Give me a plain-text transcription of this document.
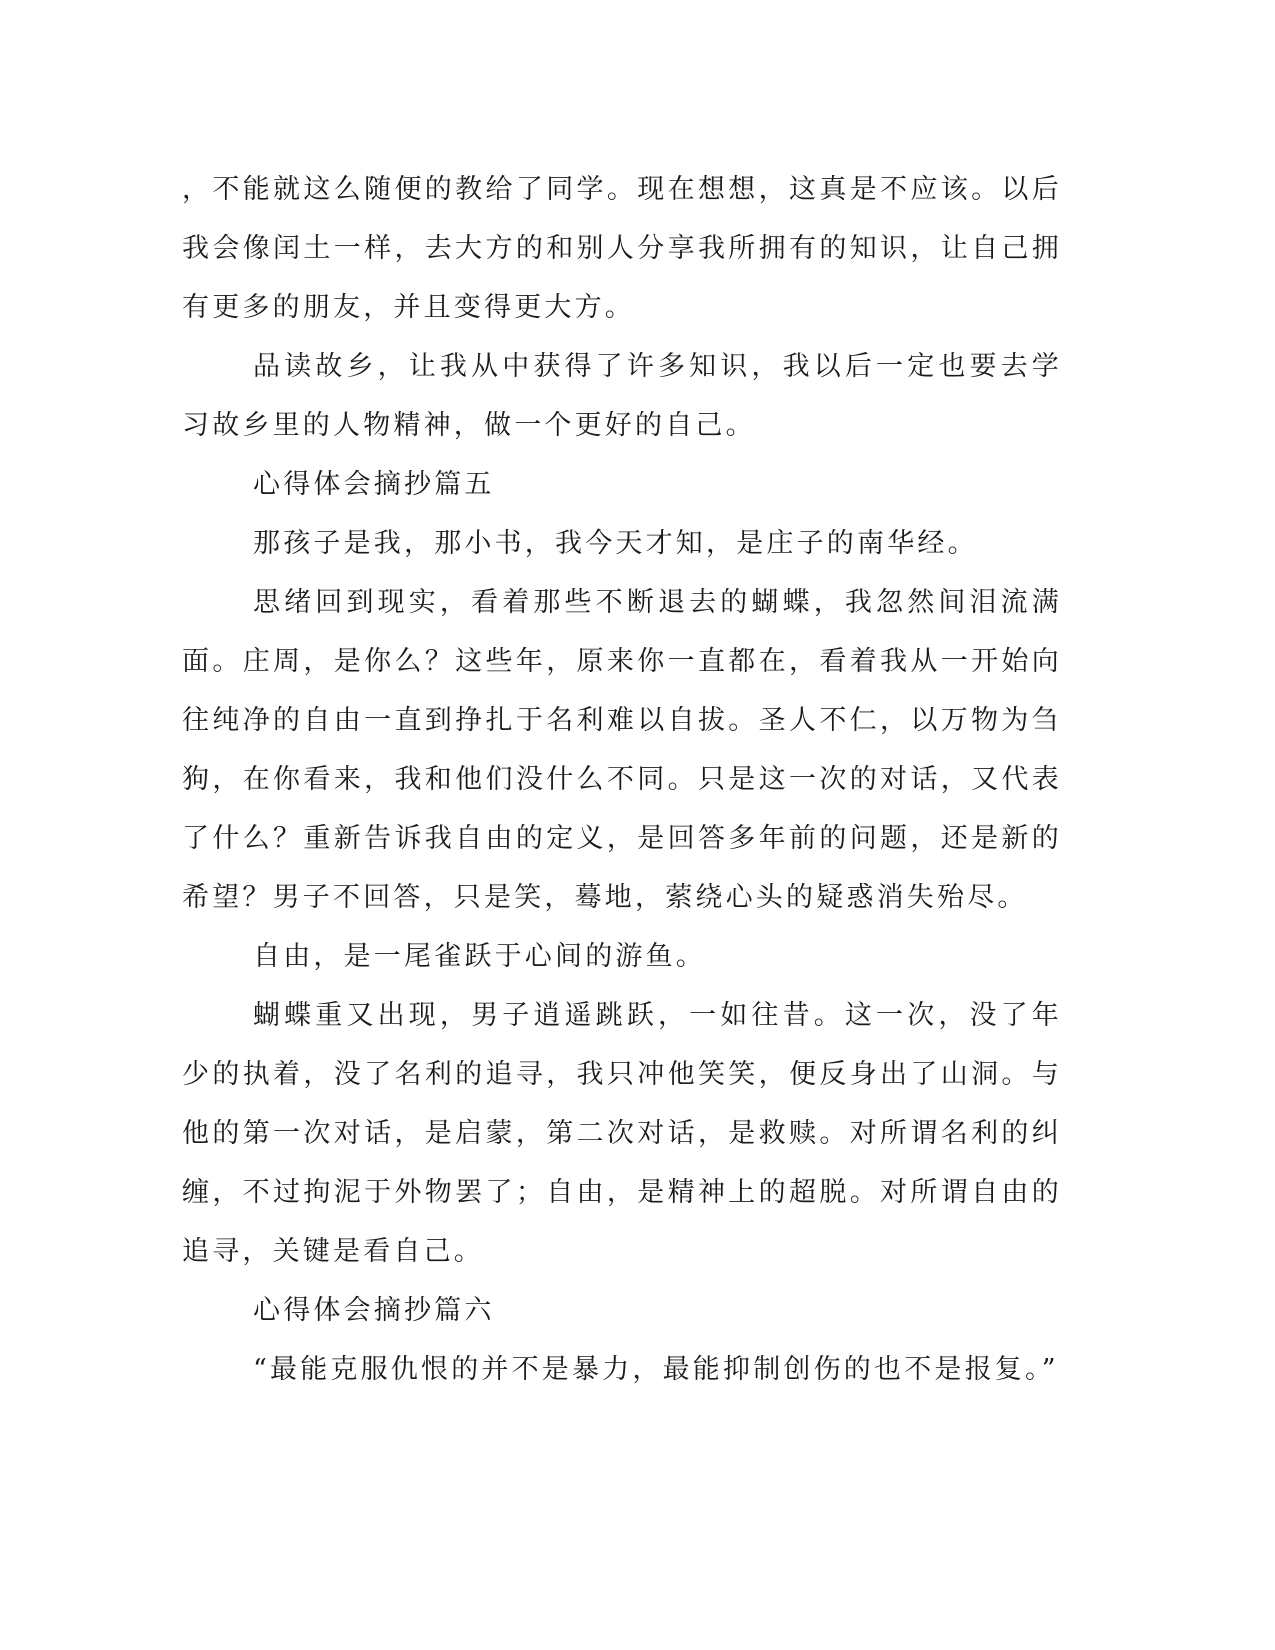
，不能就这么随便的教给了同学。现在想想，这真是不应该。以后我会像闰土一样，去大方的和别人分享我所拥有的知识，让自己拥有更多的朋友，并且变得更大方。

品读故乡，让我从中获得了许多知识，我以后一定也要去学习故乡里的人物精神，做一个更好的自己。

心得体会摘抄篇五

那孩子是我，那小书，我今天才知，是庄子的南华经。

思绪回到现实，看着那些不断退去的蝴蝶，我忽然间泪流满面。庄周，是你么？这些年，原来你一直都在，看着我从一开始向往纯净的自由一直到挣扎于名利难以自拔。圣人不仁，以万物为刍狗，在你看来，我和他们没什么不同。只是这一次的对话，又代表了什么？重新告诉我自由的定义，是回答多年前的问题，还是新的希望？男子不回答，只是笑，蓦地，萦绕心头的疑惑消失殆尽。

自由，是一尾雀跃于心间的游鱼。

蝴蝶重又出现，男子逍遥跳跃，一如往昔。这一次，没了年少的执着，没了名利的追寻，我只冲他笑笑，便反身出了山洞。与他的第一次对话，是启蒙，第二次对话，是救赎。对所谓名利的纠缠，不过拘泥于外物罢了；自由，是精神上的超脱。对所谓自由的追寻，关键是看自己。

心得体会摘抄篇六

“最能克服仇恨的并不是暴力，最能抑制创伤的也不是报复。”
